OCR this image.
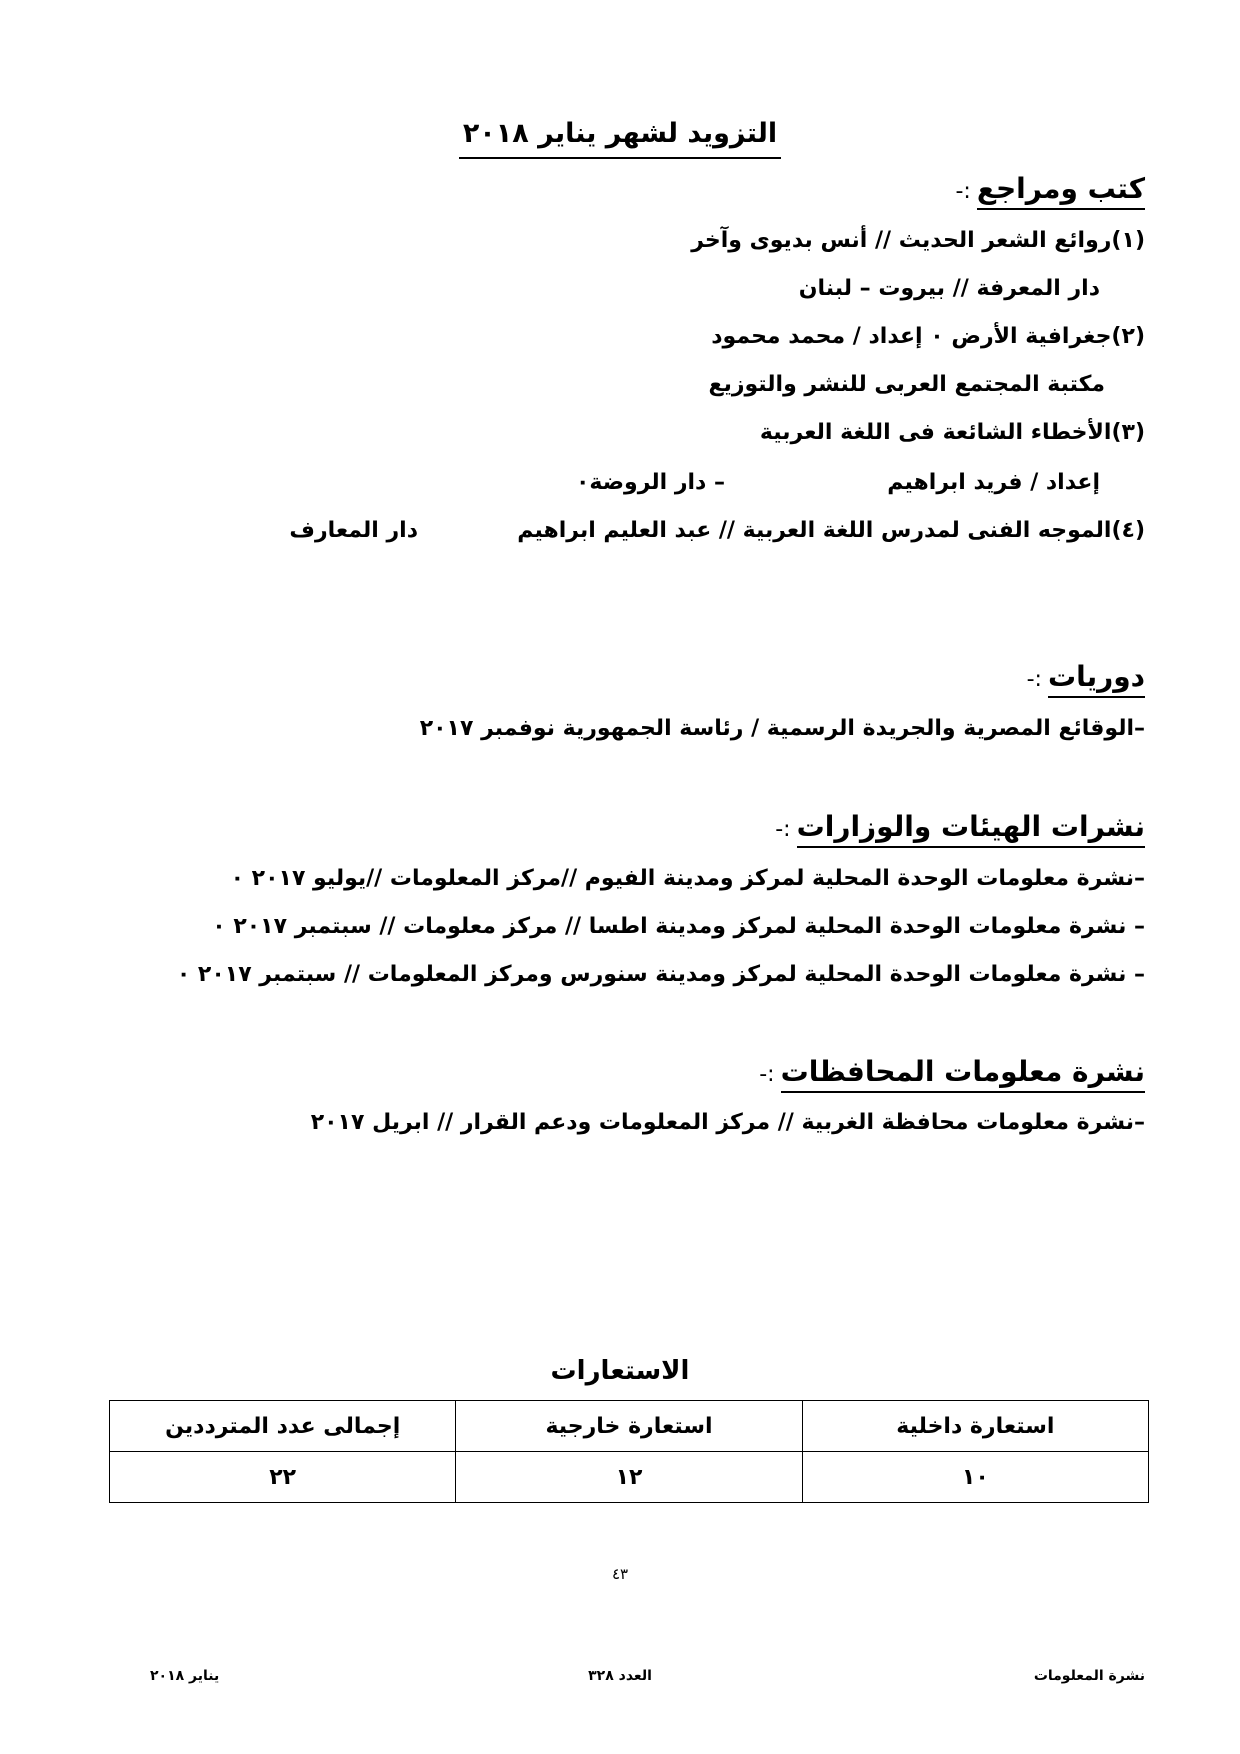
التزويد لشهر يناير ٢٠١٨
كتب ومراجع:-
(١)روائع الشعر الحديث // أنس بديوى وآخر
دار المعرفة // بيروت – لبنان
(٢)جغرافية الأرض ٠ إعداد / محمد محمود
مكتبة المجتمع العربى للنشر والتوزيع
(٣)الأخطاء الشائعة فى اللغة العربية
إعداد / فريد ابراهيم
– دار الروضة٠
(٤)الموجه الفنى لمدرس اللغة العربية // عبد العليم ابراهيم
دار المعارف
دوريات:-
–الوقائع المصرية والجريدة الرسمية / رئاسة الجمهورية نوفمبر ٢٠١٧
نشرات الهيئات والوزارات:-
–نشرة معلومات الوحدة المحلية لمركز ومدينة الفيوم //مركز المعلومات //يوليو ٢٠١٧ ٠
– نشرة معلومات الوحدة المحلية لمركز ومدينة اطسا // مركز معلومات // سبتمبر ٢٠١٧ ٠
– نشرة معلومات الوحدة المحلية لمركز ومدينة سنورس ومركز المعلومات // سبتمبر ٢٠١٧ ٠
نشرة معلومات المحافظات:-
–نشرة معلومات محافظة الغربية // مركز المعلومات ودعم القرار // ابريل ٢٠١٧
الاستعارات
استعارة داخلية	استعارة خارجية	إجمالى عدد المترددين
١٠	١٢	٢٢
٤٣
نشرة المعلومات
العدد ٣٢٨
يناير ٢٠١٨
